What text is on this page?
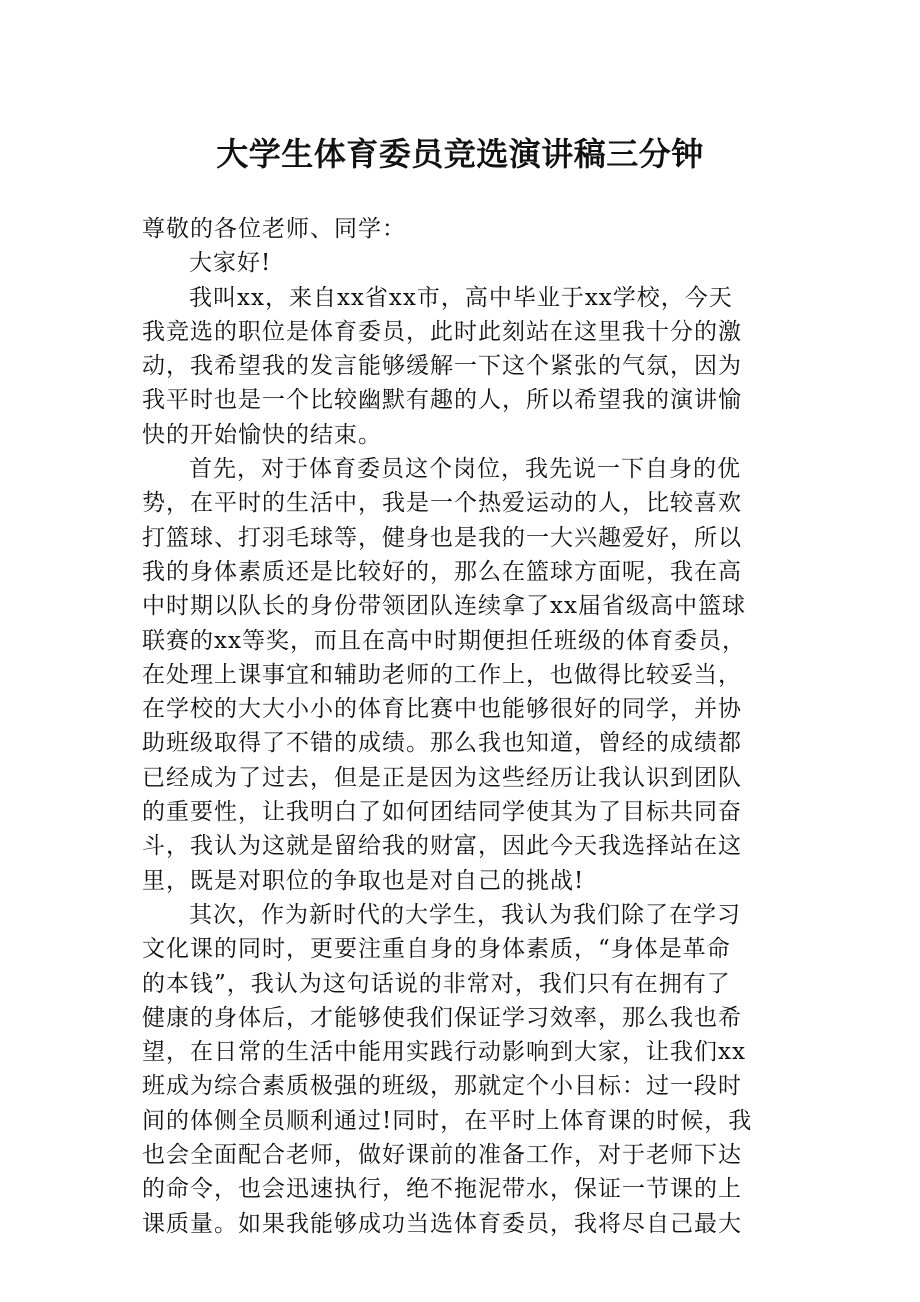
大学生体育委员竞选演讲稿三分钟
尊敬的各位老师、同学：
大家好!
我叫xx，来自xx省xx市，高中毕业于xx学校，今天
我竞选的职位是体育委员，此时此刻站在这里我十分的激
动，我希望我的发言能够缓解一下这个紧张的气氛，因为
我平时也是一个比较幽默有趣的人，所以希望我的演讲愉
快的开始愉快的结束。
首先，对于体育委员这个岗位，我先说一下自身的优
势，在平时的生活中，我是一个热爱运动的人，比较喜欢
打篮球、打羽毛球等，健身也是我的一大兴趣爱好，所以
我的身体素质还是比较好的，那么在篮球方面呢，我在高
中时期以队长的身份带领团队连续拿了xx届省级高中篮球
联赛的xx等奖，而且在高中时期便担任班级的体育委员，
在处理上课事宜和辅助老师的工作上，也做得比较妥当，
在学校的大大小小的体育比赛中也能够很好的同学，并协
助班级取得了不错的成绩。那么我也知道，曾经的成绩都
已经成为了过去，但是正是因为这些经历让我认识到团队
的重要性，让我明白了如何团结同学使其为了目标共同奋
斗，我认为这就是留给我的财富，因此今天我选择站在这
里，既是对职位的争取也是对自己的挑战!
其次，作为新时代的大学生，我认为我们除了在学习
文化课的同时，更要注重自身的身体素质，“身体是革命
的本钱”，我认为这句话说的非常对，我们只有在拥有了
健康的身体后，才能够使我们保证学习效率，那么我也希
望，在日常的生活中能用实践行动影响到大家，让我们xx
班成为综合素质极强的班级，那就定个小目标：过一段时
间的体侧全员顺利通过!同时，在平时上体育课的时候，我
也会全面配合老师，做好课前的准备工作，对于老师下达
的命令，也会迅速执行，绝不拖泥带水，保证一节课的上
课质量。如果我能够成功当选体育委员，我将尽自己最大
